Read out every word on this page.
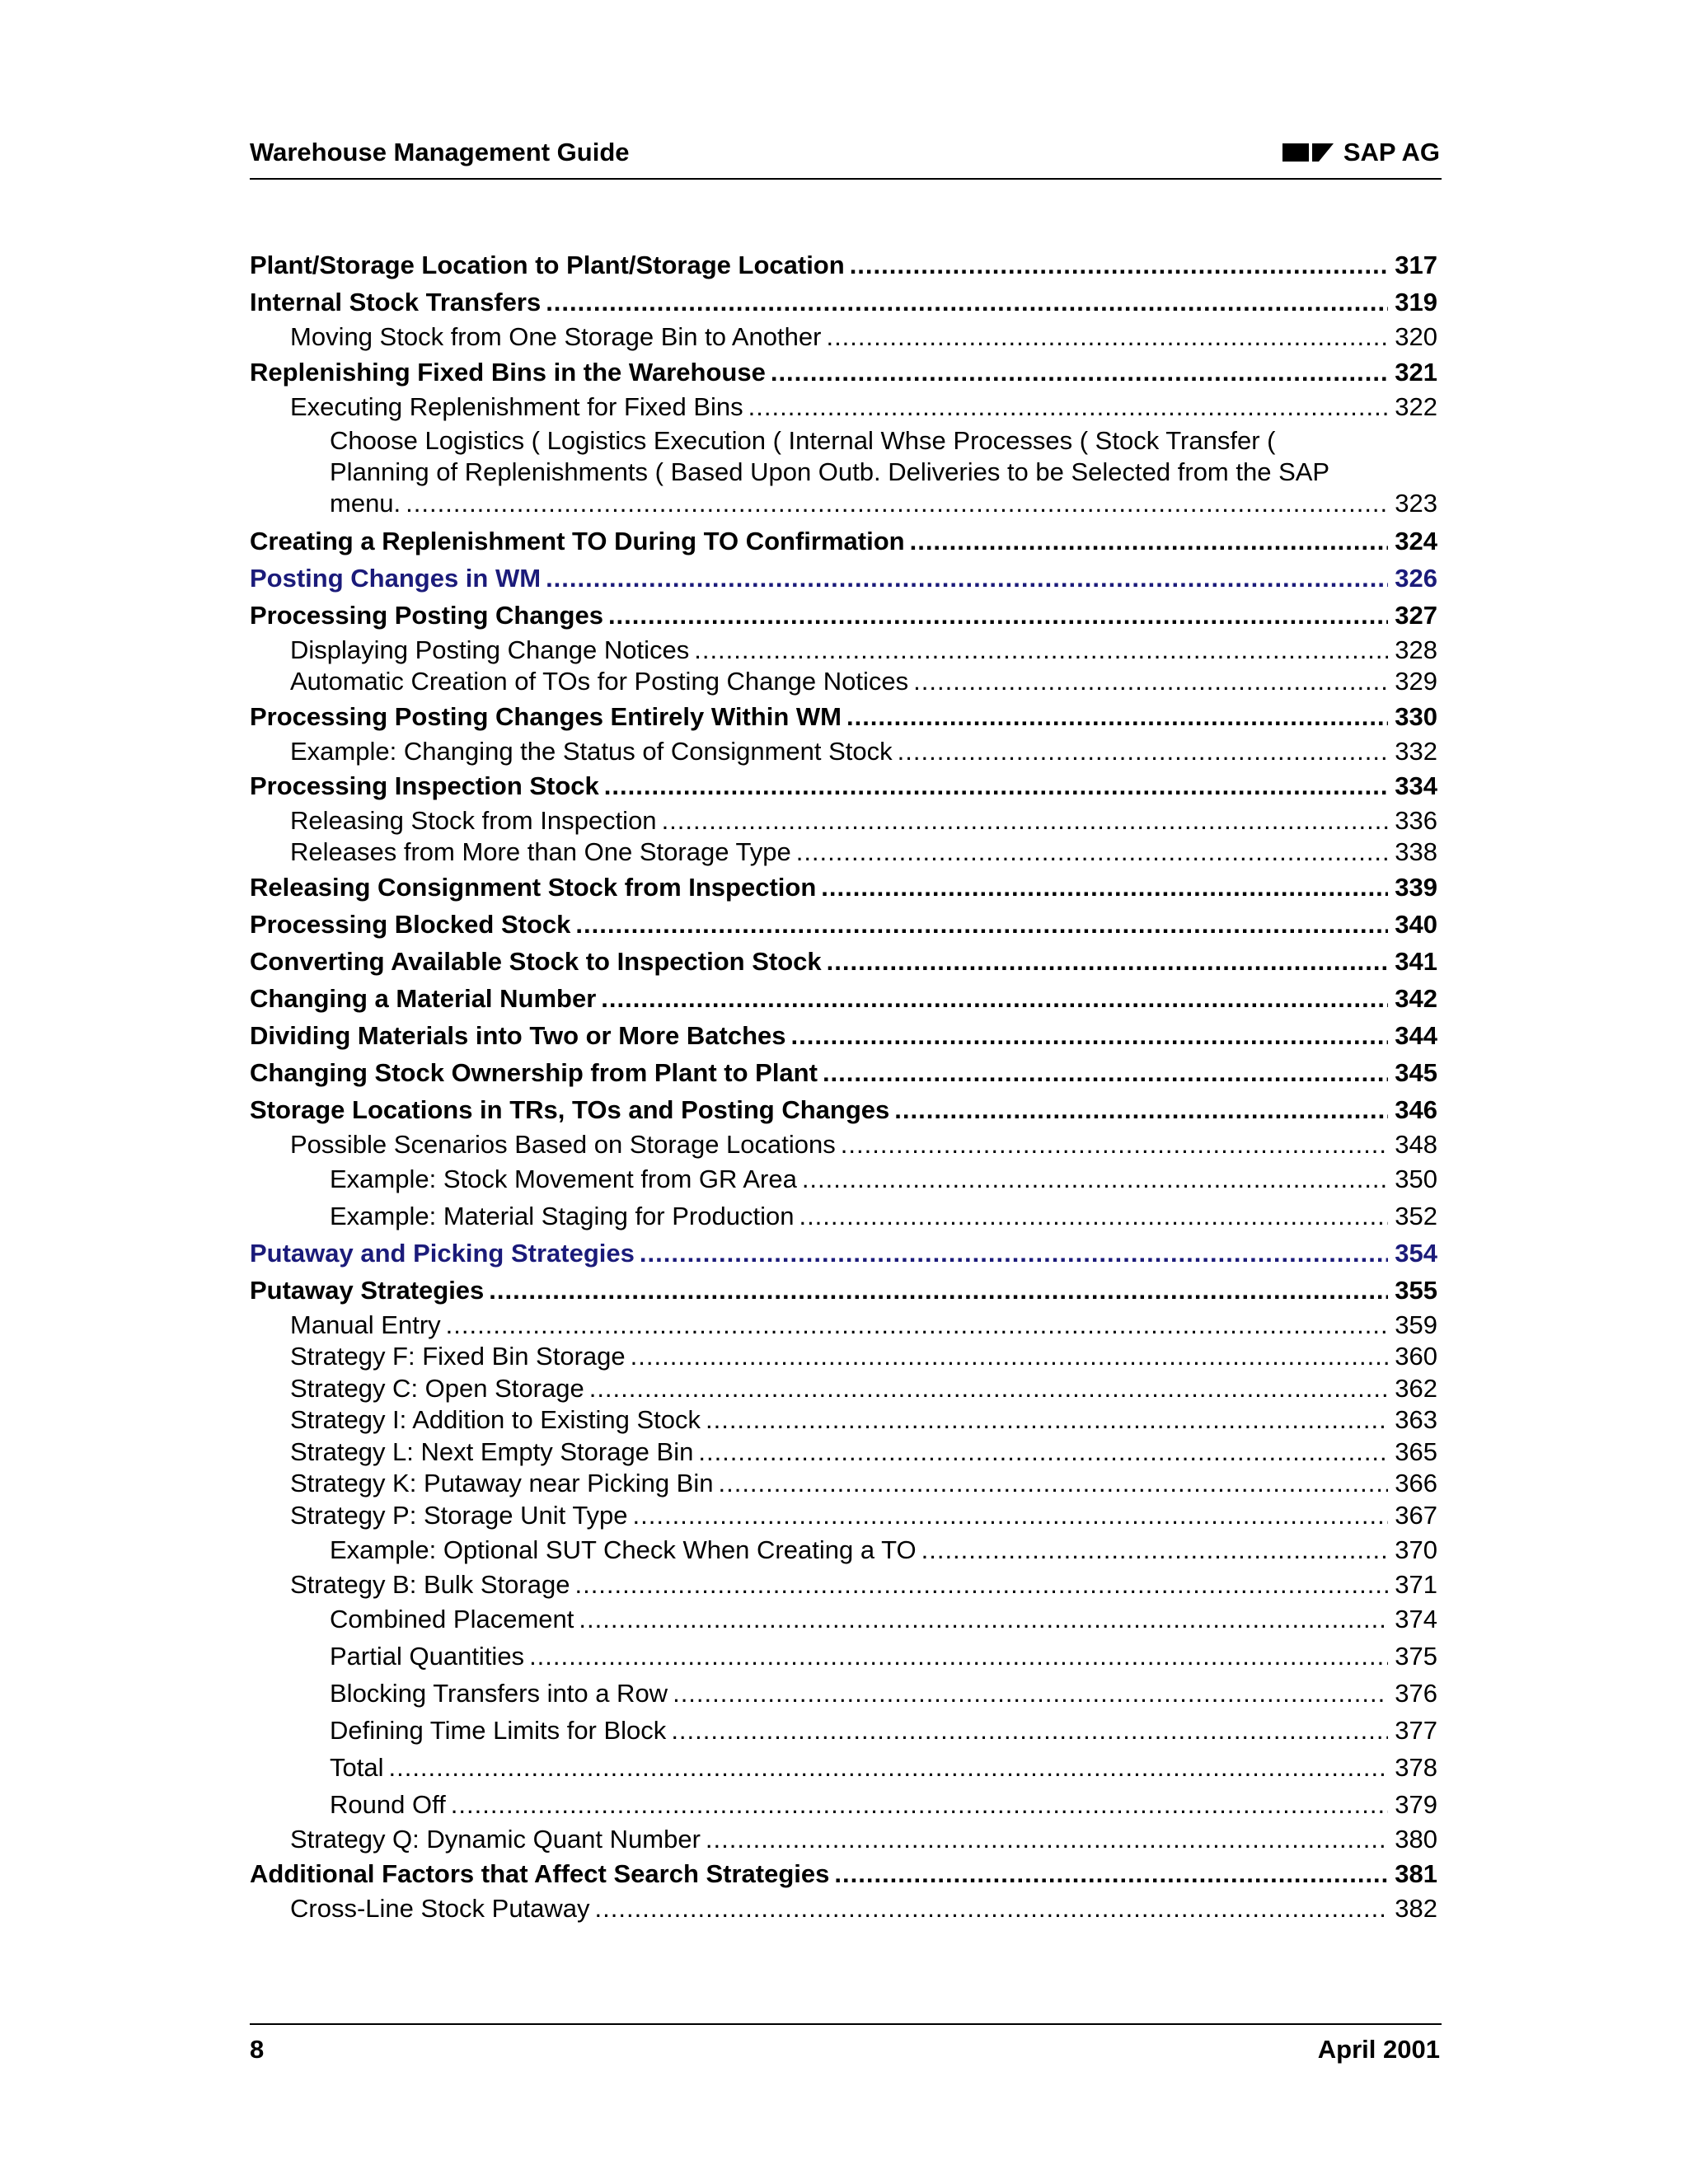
Warehouse Management Guide	SAP AG
Plant/Storage Location to Plant/Storage Location .....	317
Internal Stock Transfers .....	319
Moving Stock from One Storage Bin to Another .....	320
Replenishing Fixed Bins in the Warehouse .....	321
Executing Replenishment for Fixed Bins .....	322
Choose Logistics ( Logistics Execution ( Internal Whse Processes ( Stock Transfer (
Planning of Replenishments ( Based Upon Outb. Deliveries to be Selected from the SAP
menu. .....	323
Creating a Replenishment TO During TO Confirmation .....	324
Posting Changes in WM .....	326
Processing Posting Changes .....	327
Displaying Posting Change Notices .....	328
Automatic Creation of TOs for Posting Change Notices .....	329
Processing Posting Changes Entirely Within WM .....	330
Example: Changing the Status of Consignment Stock .....	332
Processing Inspection Stock .....	334
Releasing Stock from Inspection .....	336
Releases from More than One Storage Type .....	338
Releasing Consignment Stock from Inspection .....	339
Processing Blocked Stock .....	340
Converting Available Stock to Inspection Stock .....	341
Changing a Material Number .....	342
Dividing Materials into Two or More Batches .....	344
Changing Stock Ownership from Plant to Plant .....	345
Storage Locations in TRs, TOs and Posting Changes .....	346
Possible Scenarios Based on Storage Locations .....	348
Example: Stock Movement from GR Area .....	350
Example: Material Staging for Production .....	352
Putaway and Picking Strategies .....	354
Putaway Strategies .....	355
Manual Entry .....	359
Strategy F: Fixed Bin Storage .....	360
Strategy C: Open Storage .....	362
Strategy I: Addition to Existing Stock .....	363
Strategy L: Next Empty Storage Bin .....	365
Strategy K: Putaway near Picking Bin .....	366
Strategy P: Storage Unit Type .....	367
Example: Optional SUT Check When Creating a TO .....	370
Strategy B: Bulk Storage .....	371
Combined Placement .....	374
Partial Quantities .....	375
Blocking Transfers into a Row .....	376
Defining Time Limits for Block .....	377
Total .....	378
Round Off .....	379
Strategy Q: Dynamic Quant Number .....	380
Additional Factors that Affect Search Strategies .....	381
Cross-Line Stock Putaway .....	382
8	April 2001
